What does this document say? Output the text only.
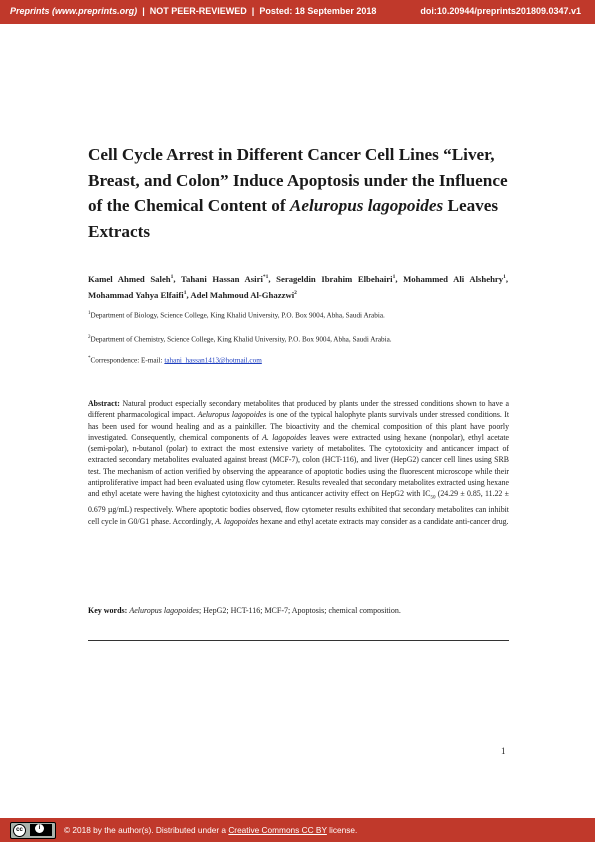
Preprints (www.preprints.org) | NOT PEER-REVIEWED | Posted: 18 September 2018	doi:10.20944/preprints201809.0347.v1
Cell Cycle Arrest in Different Cancer Cell Lines “Liver, Breast, and Colon” Induce Apoptosis under the Influence of the Chemical Content of Aeluropus lagopoides Leaves Extracts
Kamel Ahmed Saleh$^1$, Tahani Hassan Asiri$^{*1}$, Serageldin Ibrahim Elbehairi$^1$, Mohammed Ali Alshehry$^1$, Mohammad Yahya Elfaifi$^1$, Adel Mahmoud Al-Ghazzwi$^2$
$^1$Department of Biology, Science College, King Khalid University, P.O. Box 9004, Abha, Saudi Arabia.
$^2$Department of Chemistry, Science College, King Khalid University, P.O. Box 9004, Abha, Saudi Arabia.
*Correspondence: E-mail: tahani_hassan1413@hotmail.com
Abstract: Natural product especially secondary metabolites that produced by plants under the stressed conditions shown to have a different pharmacological impact. Aeluropus lagopoides is one of the typical halophyte plants survivals under stressed conditions. It has been used for wound healing and as a painkiller. The bioactivity and the chemical composition of this plant have poorly investigated. Consequently, chemical components of A. lagopoides leaves were extracted using hexane (nonpolar), ethyl acetate (semi-polar), n-butanol (polar) to extract the most extensive variety of metabolites. The cytotoxicity and anticancer impact of extracted secondary metabolites evaluated against breast (MCF-7), colon (HCT-116), and liver (HepG2) cancer cell lines using SRB test. The mechanism of action verified by observing the appearance of apoptotic bodies using the fluorescent microscope while their antiproliferative impact had been evaluated using flow cytometer. Results revealed that secondary metabolites extracted using hexane and ethyl acetate were having the highest cytotoxicity and thus anticancer activity effect on HepG2 with $IC_{50}$ (24.29 ± 0.85, 11.22 ± 0.679 µg/mL) respectively. Where apoptotic bodies observed, flow cytometer results exhibited that secondary metabolites can inhibit cell cycle in G0/G1 phase. Accordingly, A. lagopoides hexane and ethyl acetate extracts may consider as a candidate anti-cancer drug.
Key words: Aeluropus lagopoides; HepG2; HCT-116; MCF-7; Apoptosis; chemical composition.
1
cc	i	© 2018 by the author(s). Distributed under a Creative Commons CC BY license.
